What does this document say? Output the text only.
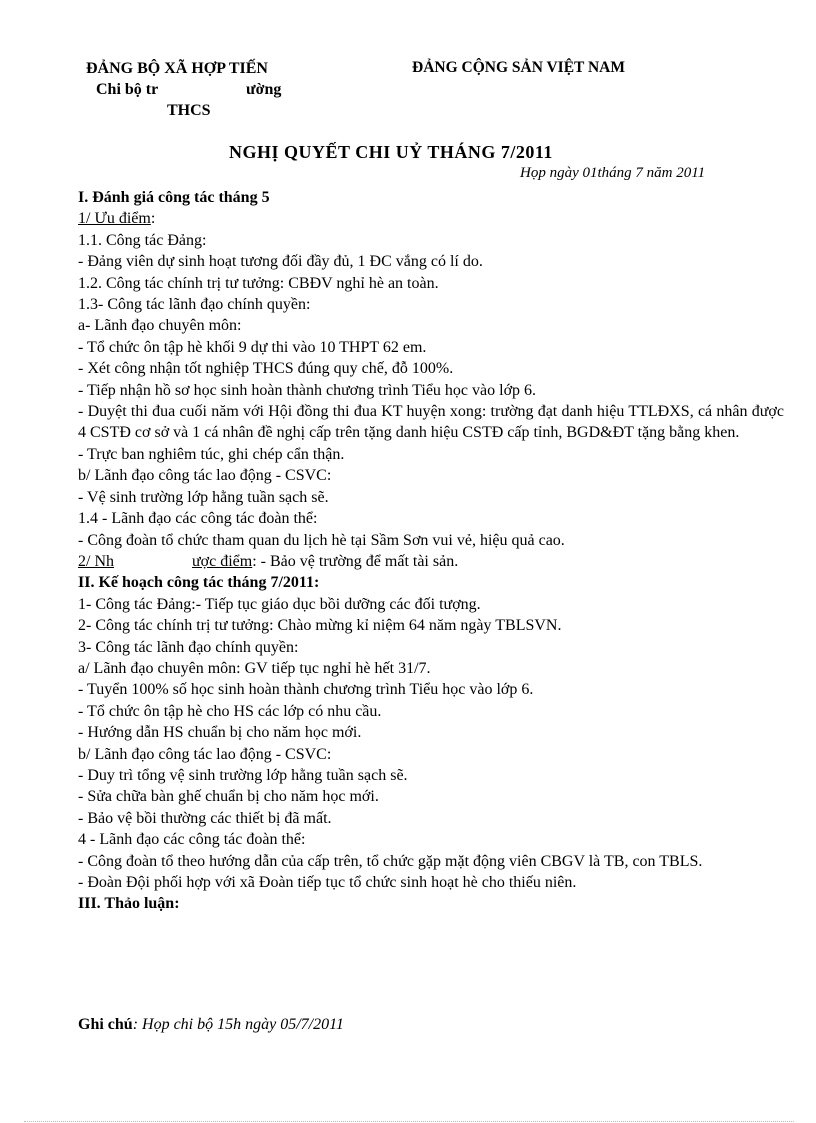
ĐẢNG BỘ XÃ HỢP TIẾN
Chi bộ tr	ường
THCS
ĐẢNG CỘNG SẢN VIỆT NAM
NGHỊ QUYẾT CHI UỶ THÁNG 7/2011
Họp ngày 01tháng 7 năm 2011
I. Đánh giá công tác tháng 5
1/ Ưu điểm:
1.1. Công tác Đảng:
- Đảng viên dự sinh hoạt tương đối đầy đủ, 1 ĐC vắng có lí do.
1.2. Công tác chính trị tư tưởng: CBĐV nghỉ hè an toàn.
1.3- Công tác lãnh đạo chính quyền:
a- Lãnh đạo chuyên môn:
- Tổ chức ôn tập hè khối 9 dự thi vào 10 THPT 62 em.
- Xét công nhận tốt nghiệp THCS đúng quy chế, đỗ 100%.
- Tiếp nhận hồ sơ học sinh hoàn thành chương trình Tiểu học vào lớp 6.
- Duyệt thi đua cuối năm với Hội đồng thi đua KT huyện xong: trường đạt danh hiệu TTLĐXS, cá nhân được 4 CSTĐ cơ sở và 1 cá nhân đề nghị cấp trên tặng danh hiệu CSTĐ cấp tỉnh, BGD&ĐT tặng bằng khen.
- Trực ban nghiêm túc, ghi chép cẩn thận.
b/ Lãnh đạo công tác lao động - CSVC:
- Vệ sinh trường lớp hằng tuần sạch sẽ.
1.4 - Lãnh đạo các công tác đoàn thể:
- Công đoàn tổ chức tham quan du lịch hè tại Sầm Sơn vui vẻ, hiệu quả cao.
2/ Nh	ược điểm: - Bảo vệ trường để mất tài sản.
II. Kế hoạch công tác tháng 7/2011:
1- Công tác Đảng:- Tiếp tục giáo dục bồi dưỡng các đối tượng.
2- Công tác chính trị tư tưởng: Chào mừng kỉ niệm 64 năm ngày TBLSVN.
3- Công tác lãnh đạo chính quyền:
a/ Lãnh đạo chuyên môn: GV tiếp tục nghỉ hè hết 31/7.
- Tuyển 100% số học sinh hoàn thành chương trình Tiểu học vào lớp 6.
- Tổ chức ôn tập hè cho HS các lớp có nhu cầu.
- Hướng dẫn HS chuẩn bị cho năm học mới.
b/ Lãnh đạo công tác lao động - CSVC:
- Duy trì tổng vệ sinh trường lớp hằng tuần sạch sẽ.
- Sửa chữa bàn ghế chuẩn bị cho năm học mới.
- Bảo vệ bồi thường các thiết bị đã mất.
4 - Lãnh đạo các công tác đoàn thể:
- Công đoàn tổ theo hướng dẫn của cấp trên, tổ chức gặp mặt động viên CBGV là TB, con TBLS.
- Đoàn Đội phối hợp với xã Đoàn tiếp tục tổ chức sinh hoạt hè cho thiếu niên.
III. Thảo luận:
Ghi chú: Họp chi bộ 15h ngày 05/7/2011
